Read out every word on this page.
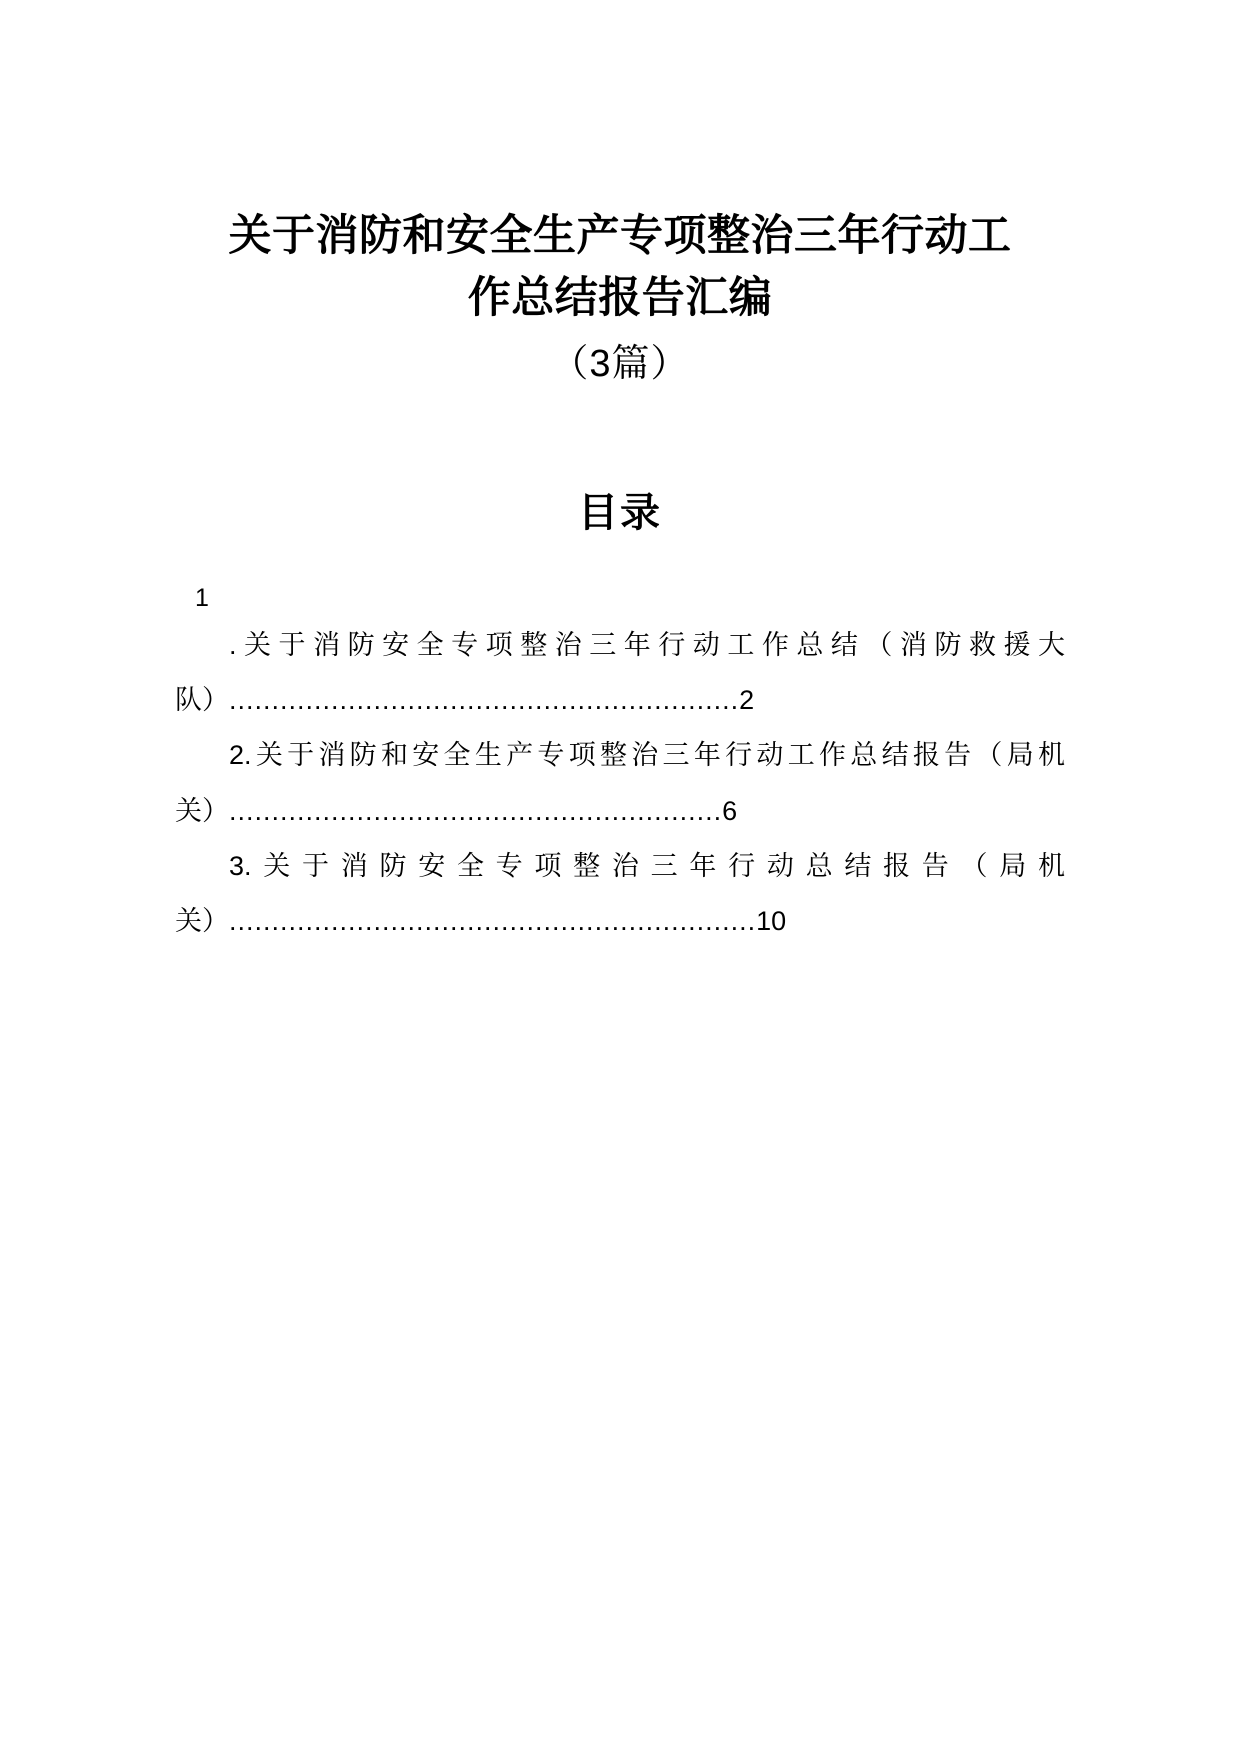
关于消防和安全生产专项整治三年行动工
作总结报告汇编
（3篇）
目录
1
.关于消防安全专项整治三年行动工作总结（消防救援大队）............................................................2
2.关于消防和安全生产专项整治三年行动工作总结报告（局机关）..........................................................6
3.关于消防安全专项整治三年行动总结报告（局机关）..............................................................10
